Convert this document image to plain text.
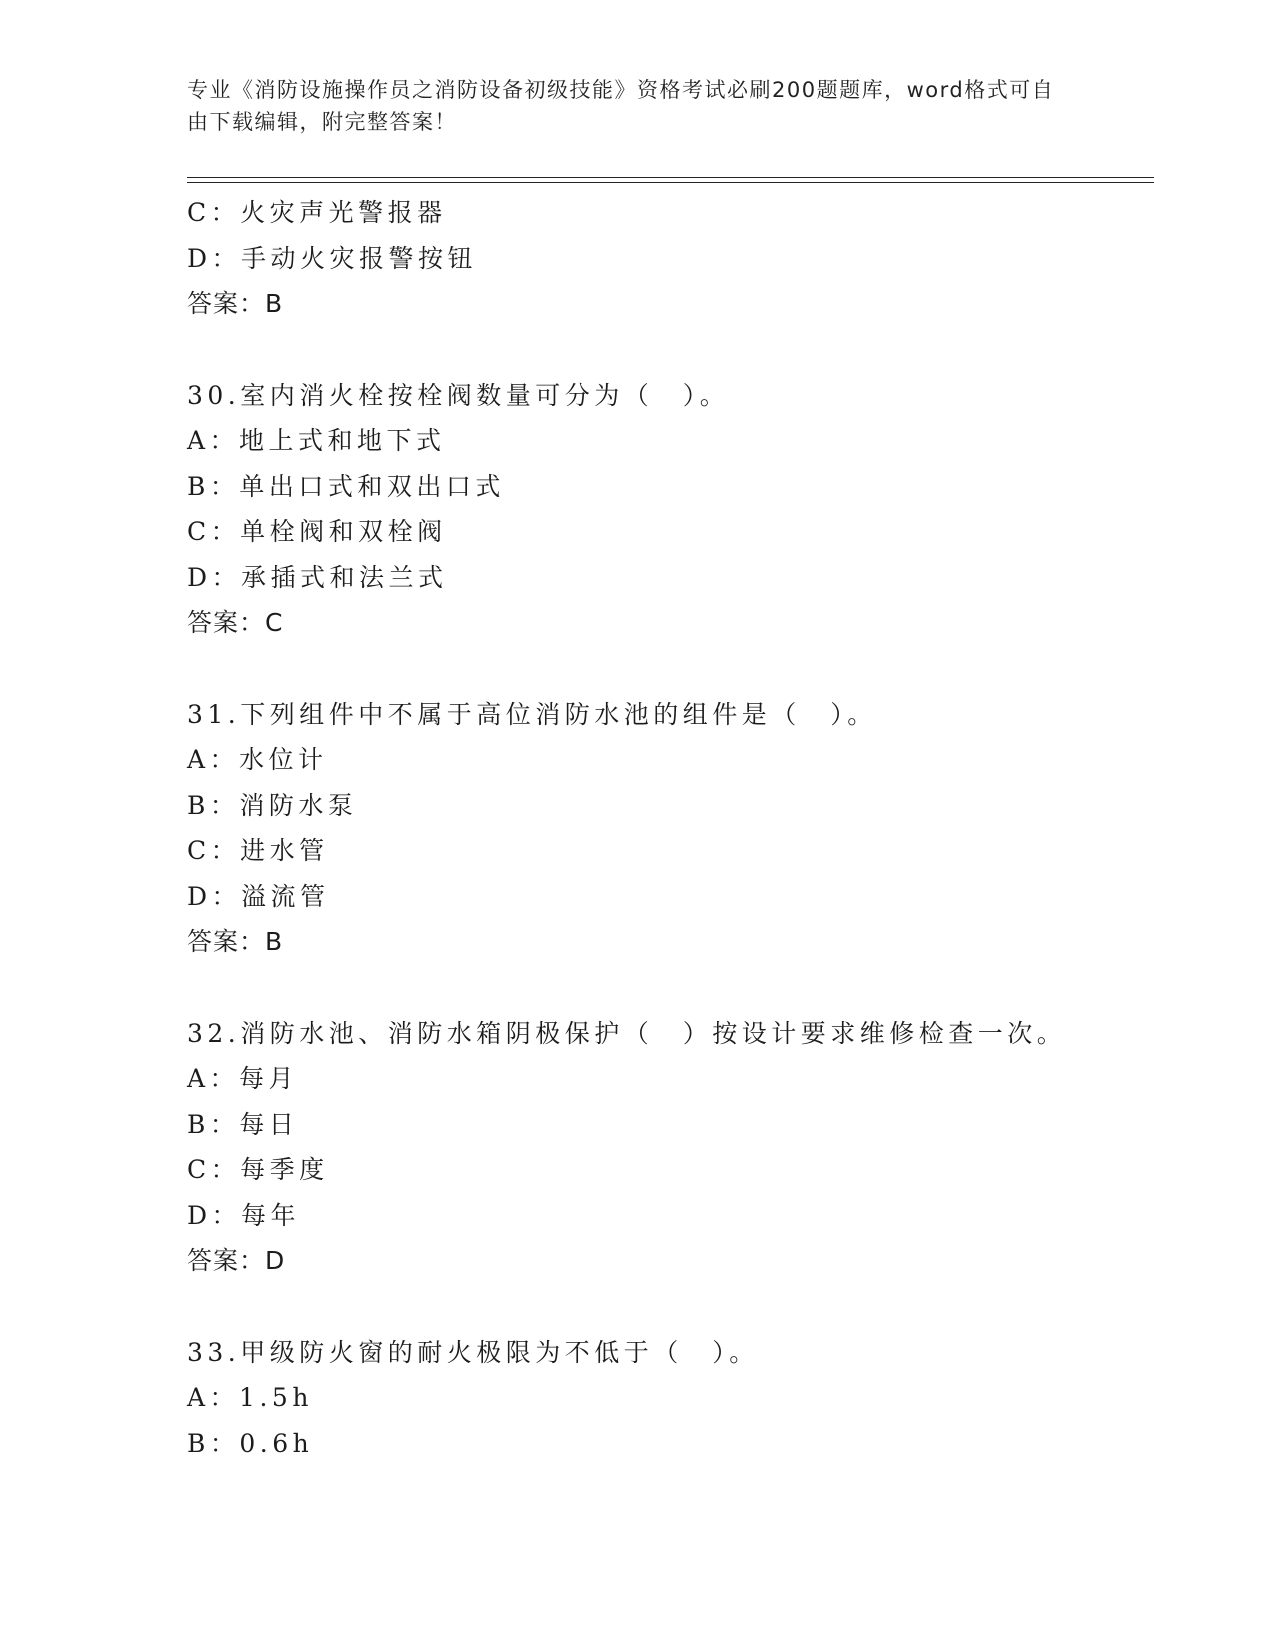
专业《消防设施操作员之消防设备初级技能》资格考试必刷200题题库，word格式可自由下载编辑，附完整答案！
C：火灾声光警报器
D：手动火灾报警按钮
答案：B
30.室内消火栓按栓阀数量可分为（　）。
A：地上式和地下式
B：单出口式和双出口式
C：单栓阀和双栓阀
D：承插式和法兰式
答案：C
31.下列组件中不属于高位消防水池的组件是（　）。
A：水位计
B：消防水泵
C：进水管
D：溢流管
答案：B
32.消防水池、消防水箱阴极保护（　）按设计要求维修检查一次。
A：每月
B：每日
C：每季度
D：每年
答案：D
33.甲级防火窗的耐火极限为不低于（　）。
A：1.5h
B：0.6h
